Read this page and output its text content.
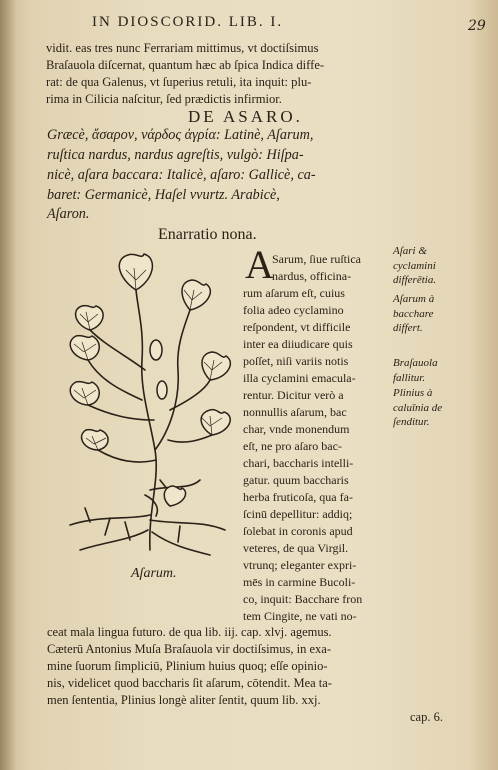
IN DIOSCORID. LIB. I.	29
vidit. eas tres nunc Ferrariam mittimus, vt doctiſsimus
Braſauola diſcernat, quantum hæc ab ſpica Indica diffe-
rat: de qua Galenus, vt ſuperius retuli, ita inquit: plu-
rima in Cilicia naſcitur, ſed prædictis infirmior.
DE ASARO.
Græcè, ἄσαρον, νάρδος ἀγρία: Latinè, Aſarum,
ruſtica nardus, nardus agreſtis, vulgò: Hiſpa-
nicè, aſara baccara: Italicè, aſaro: Gallicè, ca-
baret: Germanicè, Haſel vvurtz. Arabicè,
Aſaron.
Enarratio nona.
A
Sarum, ſiue ruſtica
nardus, officina-
rum aſarum eſt, cuius
folia adeo cyclamino
reſpondent, vt difficile
inter ea diiudicare quis
poſſet, niſi variis notis
illa cyclamini emacula-
rentur. Dicitur verò a
nonnullis aſarum, bac
char, vnde monendum
eſt, ne pro aſaro bac-
chari, baccharis intelli-
gatur. quum baccharis
herba fruticoſa, qua fa-
ſcinū depellitur: addiq;
ſolebat in coronis apud
veteres, de qua Virgil.
vtrunq; eleganter expri-
mēs in carmine Bucoli-
co, inquit: Bacchare fron
tem Cingite, ne vati no-
Aſari &
cyclamini
differētia.
Aſarum à
bacchare
differt.
Braſauola
fallitur.
Plinius à
caluīnia de
ſenditur.
Aſarum.
ceat mala lingua futuro. de qua lib. iij. cap. xlvj. agemus.
Cæterū Antonius Muſa Braſauola vir doctiſsimus, in exa-
mine ſuorum ſimpliciū, Plinium huius quoq; eſſe opinio-
nis, videlicet quod baccharis ſit aſarum, cōtendit. Mea ta-
men ſententia, Plinius longè aliter ſentit, quum lib. xxj.
cap. 6.
